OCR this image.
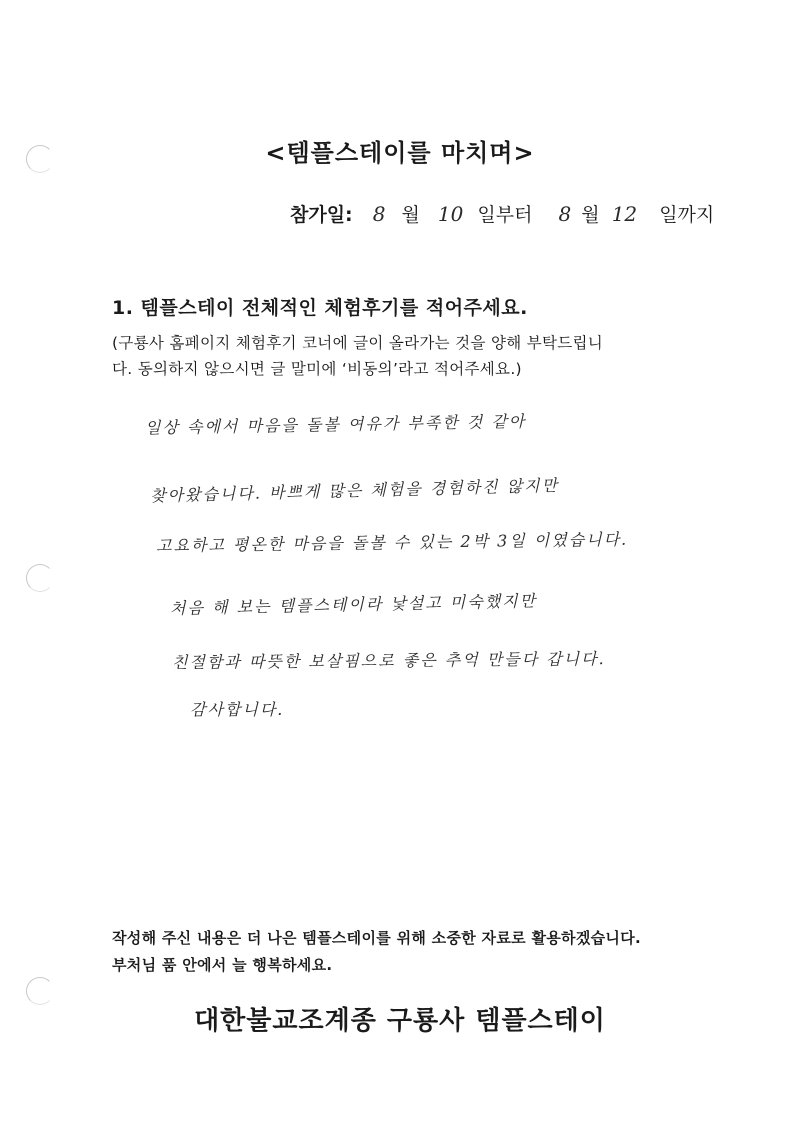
<템플스테이를 마치며>
참가일: 8 월 10 일부터 8 월 12 일까지
1. 템플스테이 전체적인 체험후기를 적어주세요.
(구룡사 홈페이지 체험후기 코너에 글이 올라가는 것을 양해 부탁드립니
다. 동의하지 않으시면 글 말미에 ‘비동의’라고 적어주세요.)
일상 속에서 마음을 돌볼 여유가 부족한 것 같아
찾아왔습니다. 바쁘게 많은 체험을 경험하진 않지만
고요하고 평온한 마음을 돌볼 수 있는 2박 3일 이였습니다.
처음 해 보는 템플스테이라 낯설고 미숙했지만
친절함과 따뜻한 보살핌으로 좋은 추억 만들다 갑니다.
감사합니다.
작성해 주신 내용은 더 나은 템플스테이를 위해 소중한 자료로 활용하겠습니다.
부처님 품 안에서 늘 행복하세요.
대한불교조계종 구룡사 템플스테이
